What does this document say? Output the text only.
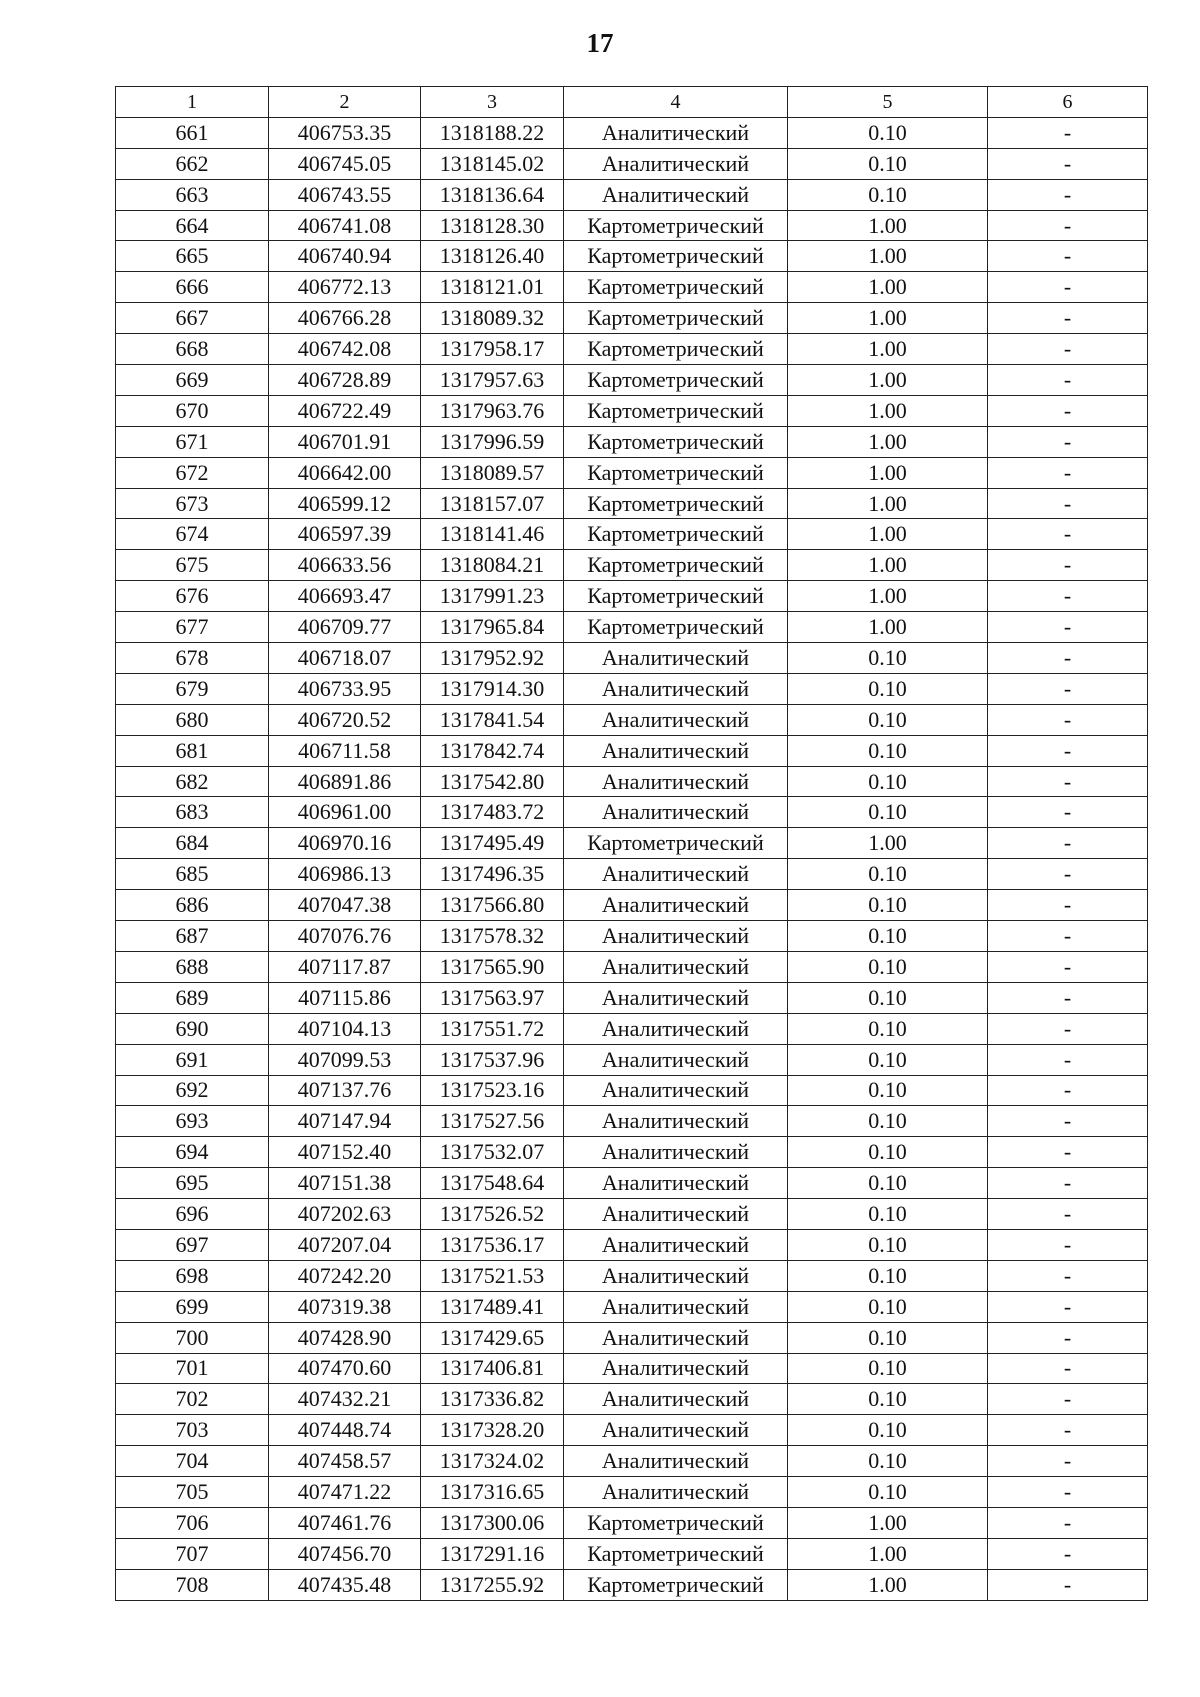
17
1	2	3	4	5	6
661	406753.35	1318188.22	Аналитический	0.10	-
662	406745.05	1318145.02	Аналитический	0.10	-
663	406743.55	1318136.64	Аналитический	0.10	-
664	406741.08	1318128.30	Картометрический	1.00	-
665	406740.94	1318126.40	Картометрический	1.00	-
666	406772.13	1318121.01	Картометрический	1.00	-
667	406766.28	1318089.32	Картометрический	1.00	-
668	406742.08	1317958.17	Картометрический	1.00	-
669	406728.89	1317957.63	Картометрический	1.00	-
670	406722.49	1317963.76	Картометрический	1.00	-
671	406701.91	1317996.59	Картометрический	1.00	-
672	406642.00	1318089.57	Картометрический	1.00	-
673	406599.12	1318157.07	Картометрический	1.00	-
674	406597.39	1318141.46	Картометрический	1.00	-
675	406633.56	1318084.21	Картометрический	1.00	-
676	406693.47	1317991.23	Картометрический	1.00	-
677	406709.77	1317965.84	Картометрический	1.00	-
678	406718.07	1317952.92	Аналитический	0.10	-
679	406733.95	1317914.30	Аналитический	0.10	-
680	406720.52	1317841.54	Аналитический	0.10	-
681	406711.58	1317842.74	Аналитический	0.10	-
682	406891.86	1317542.80	Аналитический	0.10	-
683	406961.00	1317483.72	Аналитический	0.10	-
684	406970.16	1317495.49	Картометрический	1.00	-
685	406986.13	1317496.35	Аналитический	0.10	-
686	407047.38	1317566.80	Аналитический	0.10	-
687	407076.76	1317578.32	Аналитический	0.10	-
688	407117.87	1317565.90	Аналитический	0.10	-
689	407115.86	1317563.97	Аналитический	0.10	-
690	407104.13	1317551.72	Аналитический	0.10	-
691	407099.53	1317537.96	Аналитический	0.10	-
692	407137.76	1317523.16	Аналитический	0.10	-
693	407147.94	1317527.56	Аналитический	0.10	-
694	407152.40	1317532.07	Аналитический	0.10	-
695	407151.38	1317548.64	Аналитический	0.10	-
696	407202.63	1317526.52	Аналитический	0.10	-
697	407207.04	1317536.17	Аналитический	0.10	-
698	407242.20	1317521.53	Аналитический	0.10	-
699	407319.38	1317489.41	Аналитический	0.10	-
700	407428.90	1317429.65	Аналитический	0.10	-
701	407470.60	1317406.81	Аналитический	0.10	-
702	407432.21	1317336.82	Аналитический	0.10	-
703	407448.74	1317328.20	Аналитический	0.10	-
704	407458.57	1317324.02	Аналитический	0.10	-
705	407471.22	1317316.65	Аналитический	0.10	-
706	407461.76	1317300.06	Картометрический	1.00	-
707	407456.70	1317291.16	Картометрический	1.00	-
708	407435.48	1317255.92	Картометрический	1.00	-
